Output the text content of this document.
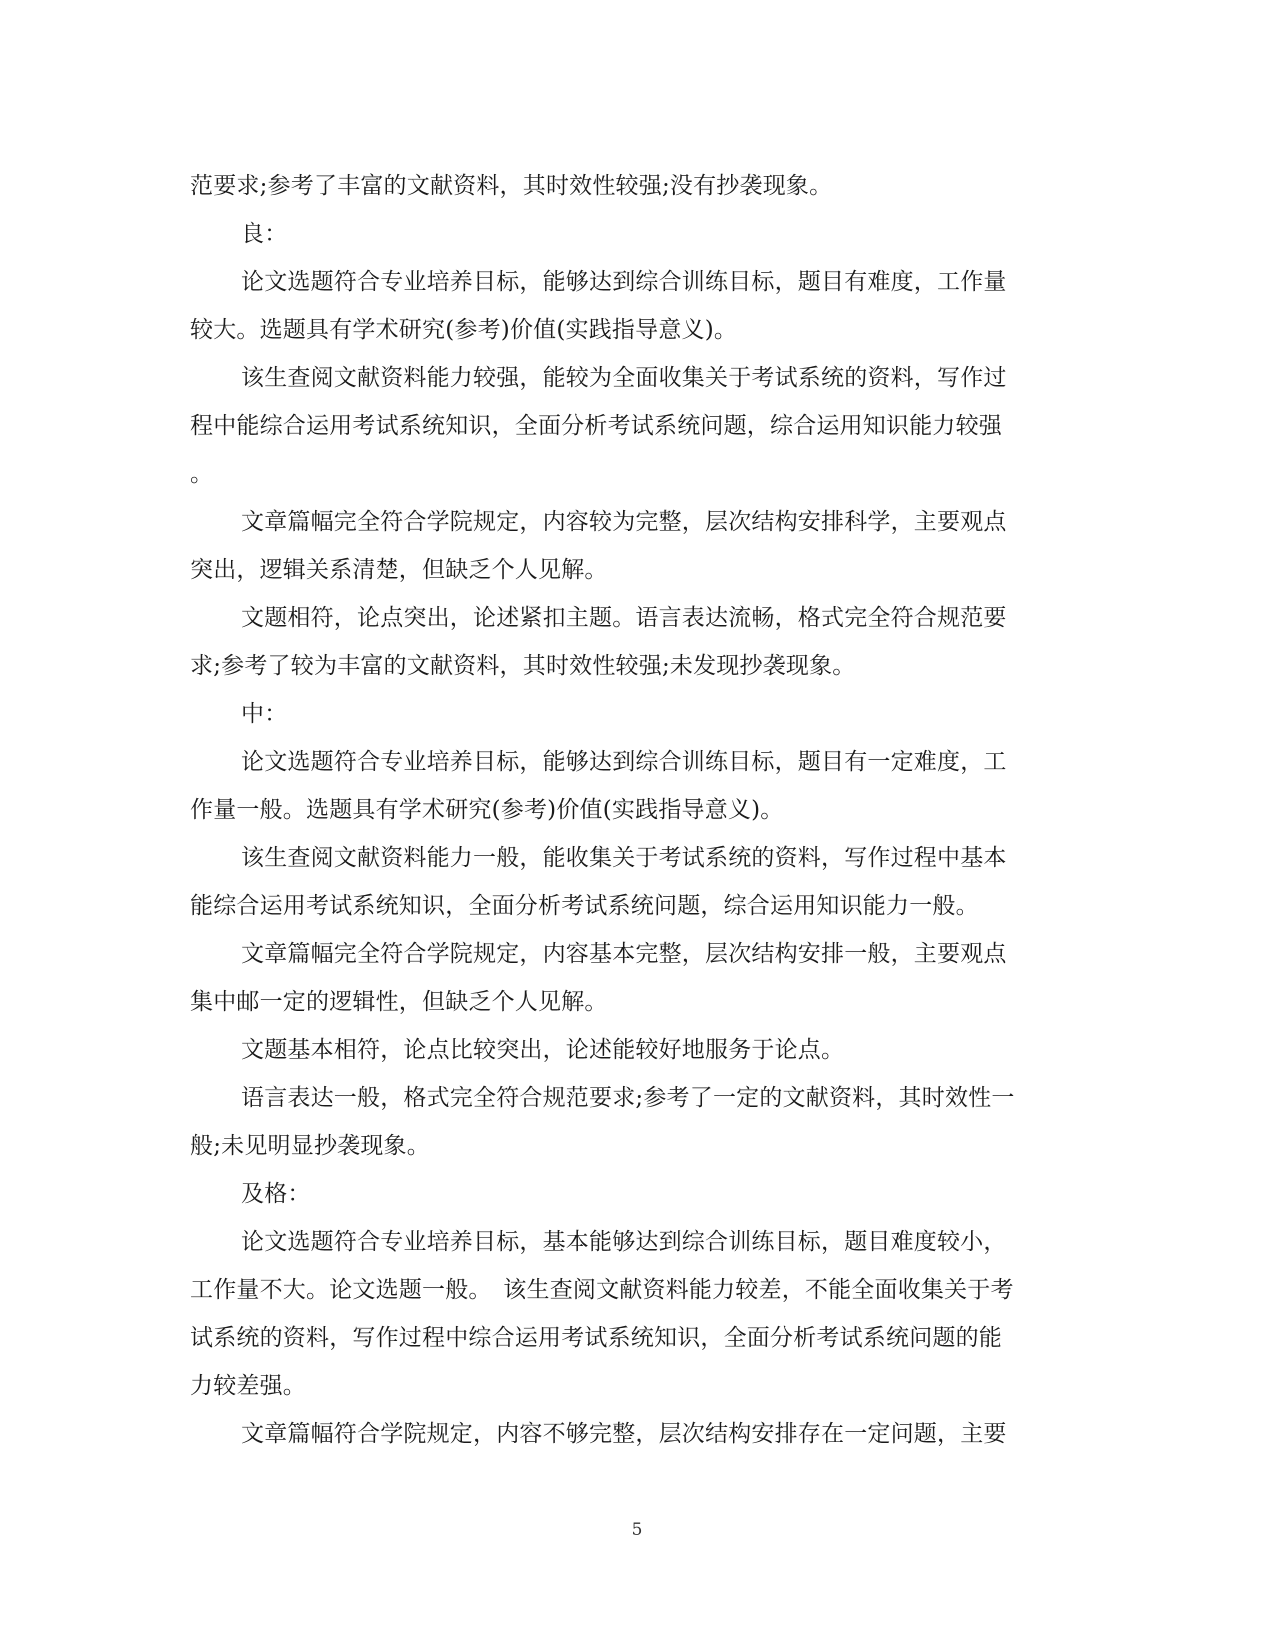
范要求;参考了丰富的文献资料，其时效性较强;没有抄袭现象。
良：
论文选题符合专业培养目标，能够达到综合训练目标，题目有难度，工作量
较大。选题具有学术研究(参考)价值(实践指导意义)。
该生查阅文献资料能力较强，能较为全面收集关于考试系统的资料，写作过
程中能综合运用考试系统知识，全面分析考试系统问题，综合运用知识能力较强
。
文章篇幅完全符合学院规定，内容较为完整，层次结构安排科学，主要观点
突出，逻辑关系清楚，但缺乏个人见解。
文题相符，论点突出，论述紧扣主题。语言表达流畅，格式完全符合规范要
求;参考了较为丰富的文献资料，其时效性较强;未发现抄袭现象。
中：
论文选题符合专业培养目标，能够达到综合训练目标，题目有一定难度，工
作量一般。选题具有学术研究(参考)价值(实践指导意义)。
该生查阅文献资料能力一般，能收集关于考试系统的资料，写作过程中基本
能综合运用考试系统知识，全面分析考试系统问题，综合运用知识能力一般。
文章篇幅完全符合学院规定，内容基本完整，层次结构安排一般，主要观点
集中邮一定的逻辑性，但缺乏个人见解。
文题基本相符，论点比较突出，论述能较好地服务于论点。
语言表达一般，格式完全符合规范要求;参考了一定的文献资料，其时效性一
般;未见明显抄袭现象。
及格：
论文选题符合专业培养目标，基本能够达到综合训练目标，题目难度较小，
工作量不大。论文选题一般。　该生查阅文献资料能力较差，不能全面收集关于考
试系统的资料，写作过程中综合运用考试系统知识，全面分析考试系统问题的能
力较差强。
文章篇幅符合学院规定，内容不够完整，层次结构安排存在一定问题，主要
5
